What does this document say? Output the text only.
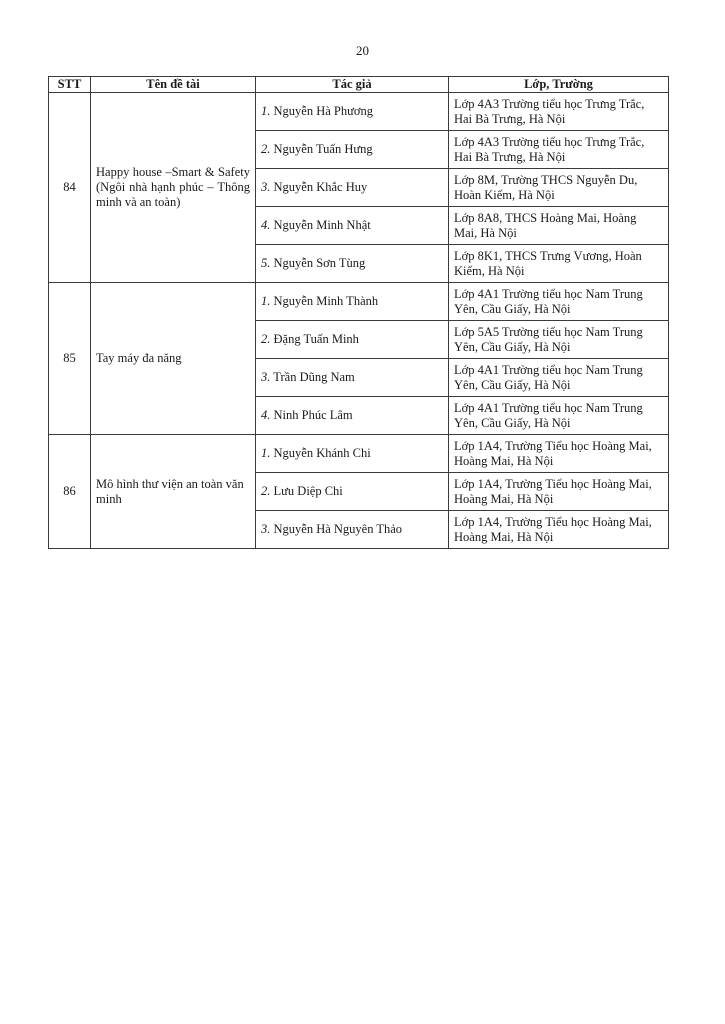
20
STT	Tên đề tài	Tác giả	Lớp, Trường
84	Happy house –Smart & Safety (Ngôi nhà hạnh phúc – Thông minh và an toàn)	1. Nguyễn Hà Phương	Lớp 4A3 Trường tiểu học Trưng Trắc,
Hai Bà Trưng, Hà Nội

		2. Nguyễn Tuấn Hưng	Lớp 4A3 Trường tiểu học Trưng Trắc,
Hai Bà Trưng, Hà Nội

		3. Nguyễn Khắc Huy	Lớp 8M, Trường THCS Nguyễn Du,
Hoàn Kiếm, Hà Nội

		4. Nguyễn Minh Nhật	Lớp 8A8, THCS Hoàng Mai, Hoàng
Mai, Hà Nội

		5. Nguyễn Sơn Tùng	Lớp 8K1, THCS Trưng Vương, Hoàn
Kiếm, Hà Nội

85	Tay máy đa năng	1. Nguyễn Minh Thành	Lớp 4A1 Trường tiểu học Nam Trung
Yên, Cầu Giấy, Hà Nội

		2. Đặng Tuấn Minh	Lớp 5A5 Trường tiểu học Nam Trung
Yên, Cầu Giấy, Hà Nội

		3. Trần Dũng Nam	Lớp 4A1 Trường tiểu học Nam Trung
Yên, Cầu Giấy, Hà Nội

		4. Ninh Phúc Lâm	Lớp 4A1 Trường tiểu học Nam Trung
Yên, Cầu Giấy, Hà Nội

86	Mô hình thư viện an toàn văn minh	1. Nguyễn Khánh Chi	Lớp 1A4, Trường Tiểu học Hoàng Mai,
Hoàng Mai, Hà Nội

		2. Lưu Diệp Chi	Lớp 1A4, Trường Tiểu học Hoàng Mai,
Hoàng Mai, Hà Nội

		3. Nguyễn Hà Nguyên Thảo	Lớp 1A4, Trường Tiểu học Hoàng Mai,
Hoàng Mai, Hà Nội
